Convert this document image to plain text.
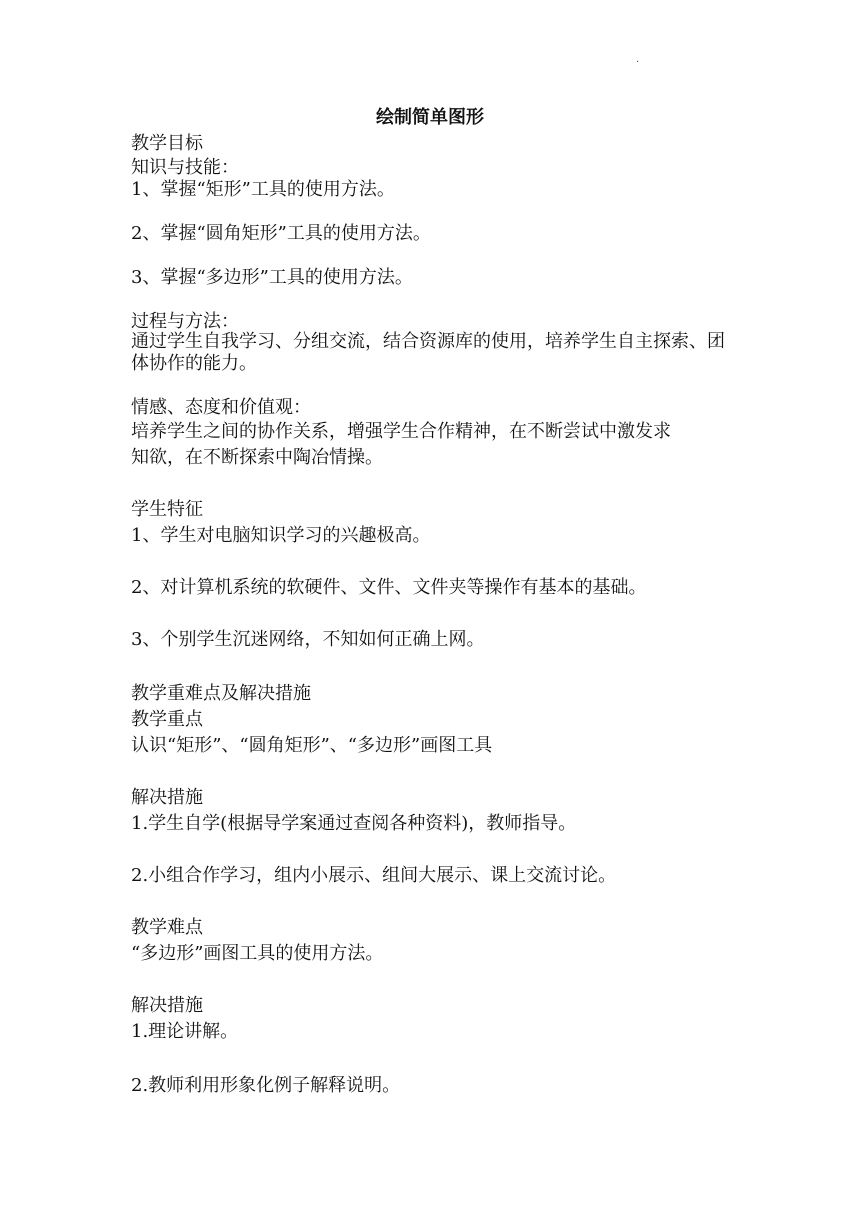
·
绘制简单图形
教学目标
知识与技能：
1、掌握“矩形”工具的使用方法。
2、掌握“圆角矩形”工具的使用方法。
3、掌握“多边形”工具的使用方法。
过程与方法：
通过学生自我学习、分组交流，结合资源库的使用，培养学生自主探索、团体协作的能力。
情感、态度和价值观：
培养学生之间的协作关系，增强学生合作精神，在不断尝试中激发求
知欲，在不断探索中陶冶情操。
学生特征
1、学生对电脑知识学习的兴趣极高。
2、对计算机系统的软硬件、文件、文件夹等操作有基本的基础。
3、个别学生沉迷网络，不知如何正确上网。
教学重难点及解决措施
教学重点
认识“矩形”、“圆角矩形”、“多边形”画图工具
解决措施
1.学生自学(根据导学案通过查阅各种资料)，教师指导。
2.小组合作学习，组内小展示、组间大展示、课上交流讨论。
教学难点
“多边形”画图工具的使用方法。
解决措施
1.理论讲解。
2.教师利用形象化例子解释说明。
